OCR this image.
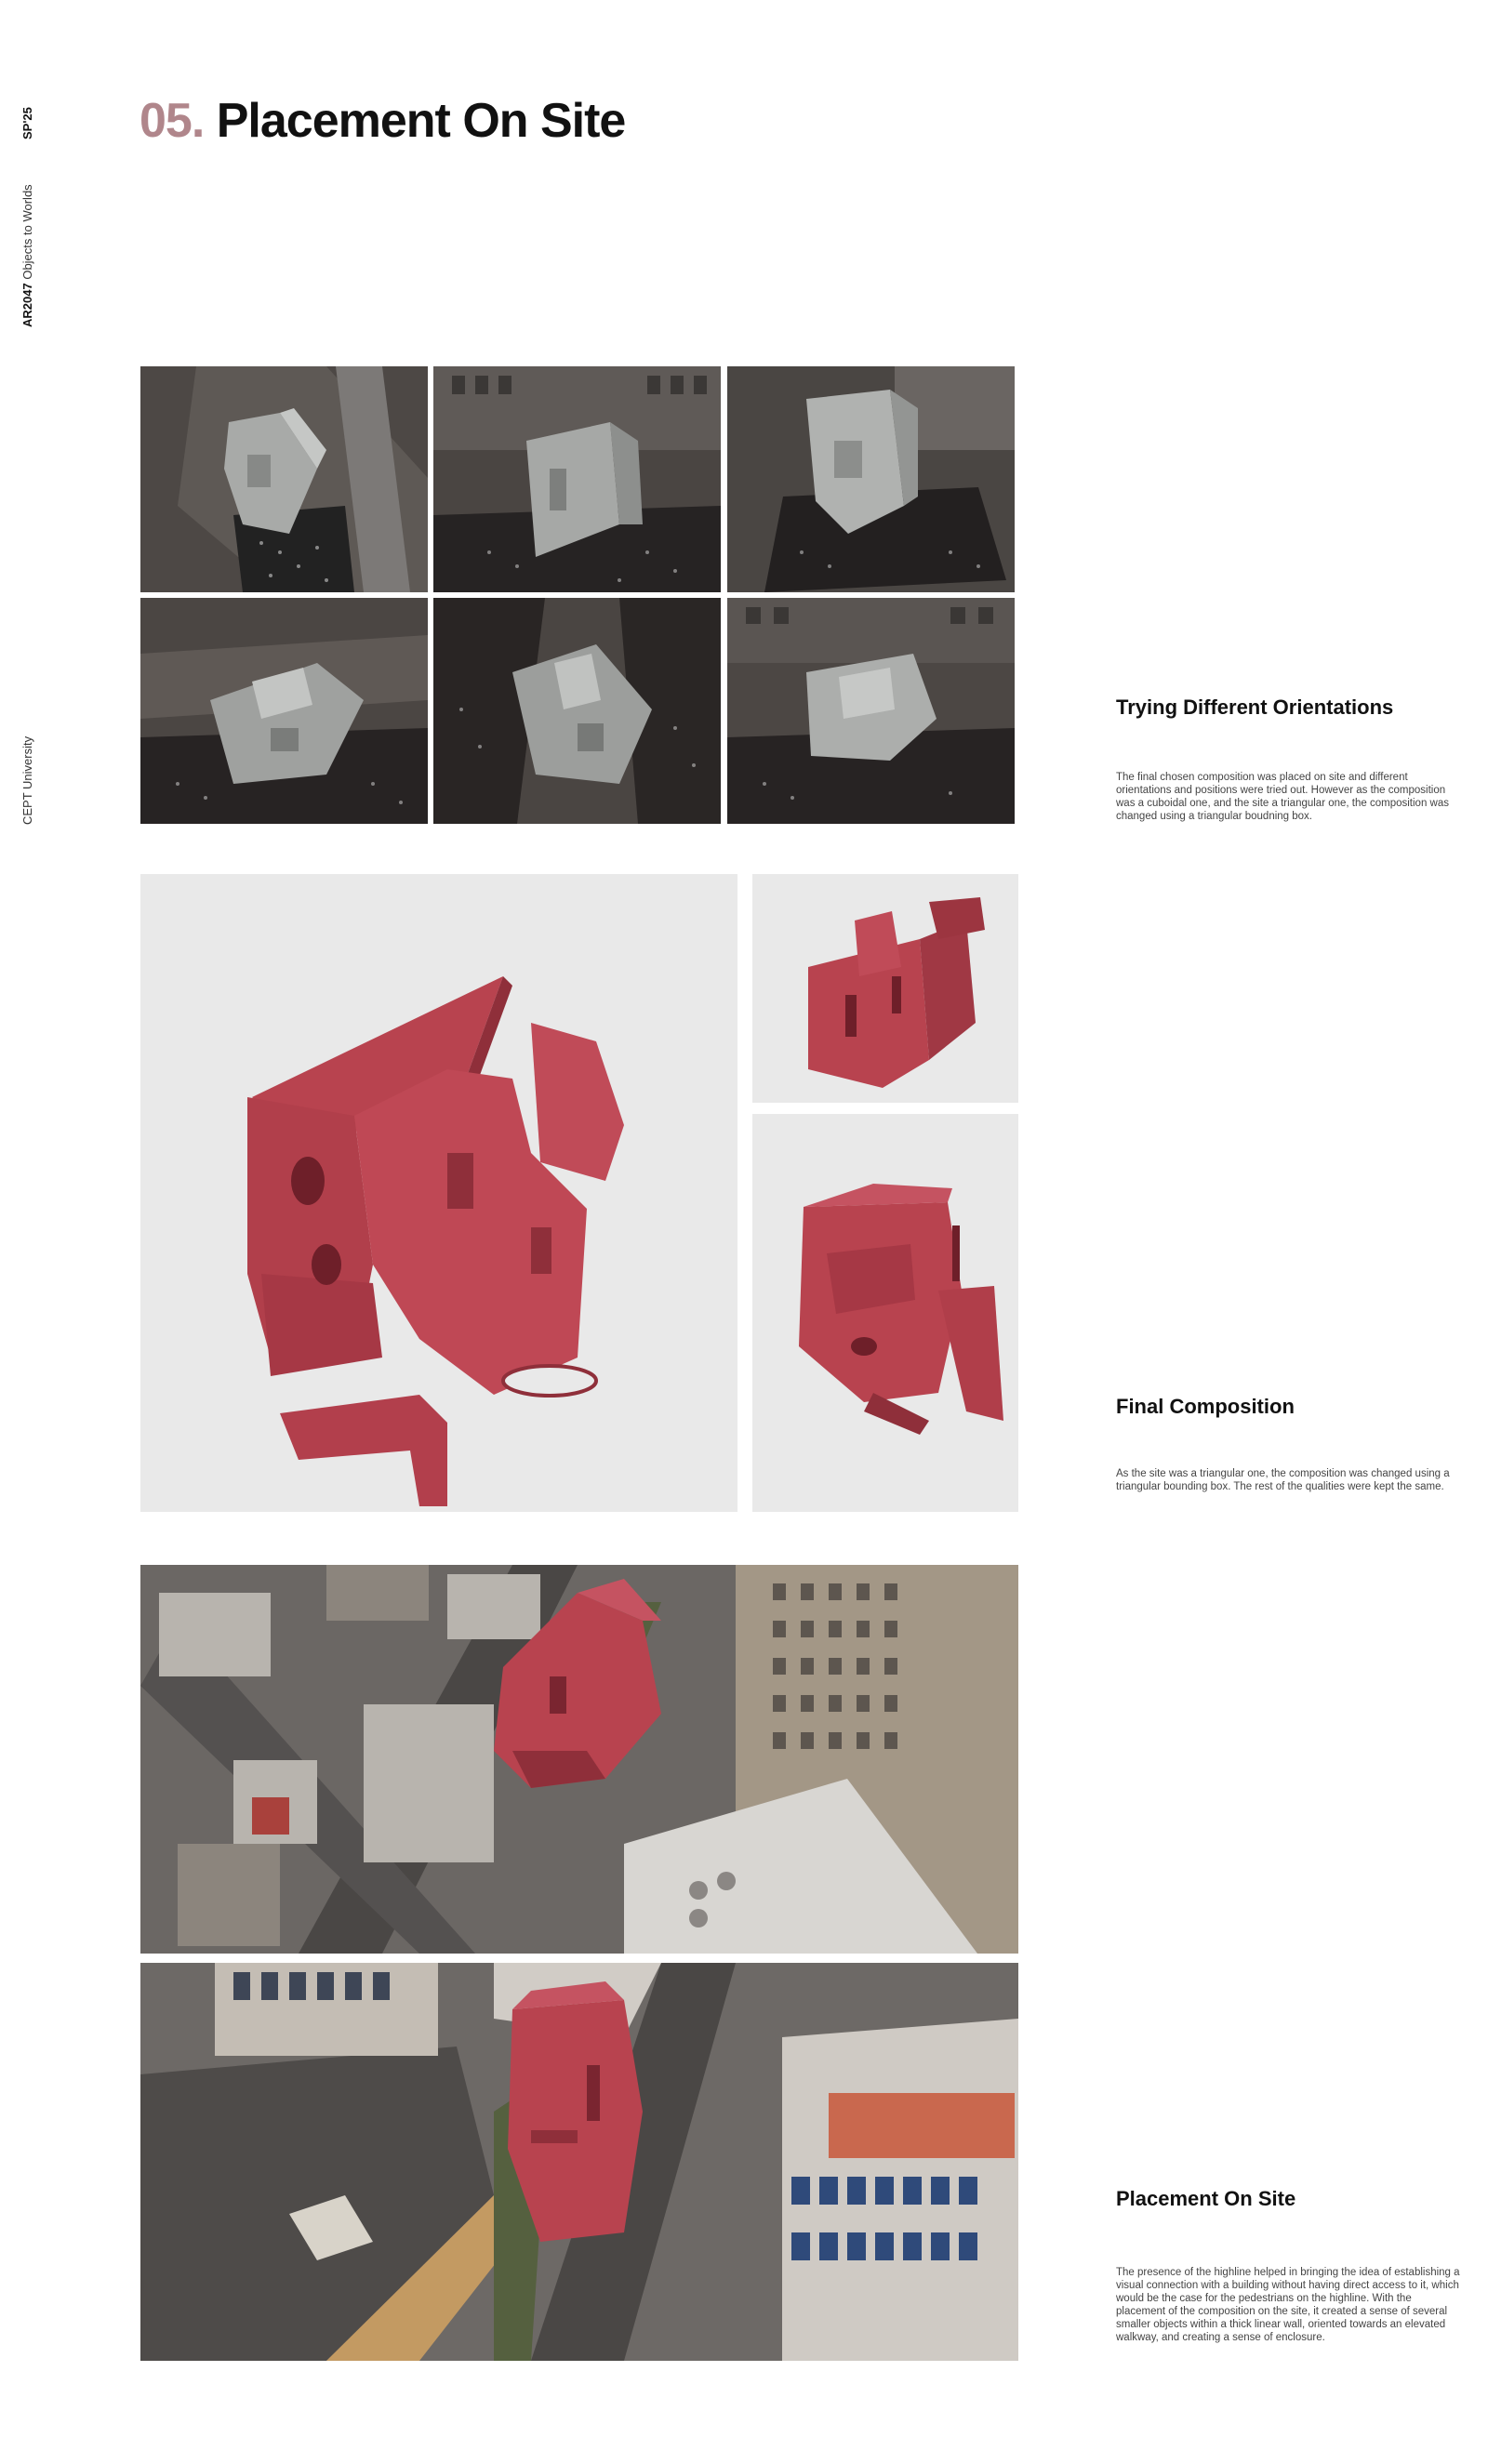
SP'25
AR2047 Objects to Worlds
CEPT University
05. Placement On Site
Trying Different Orientations
The final chosen composition was placed on site and different orientations and positions were tried out. However as the composition was a cuboidal one, and the site a triangular one, the composition was changed using a triangular boudning box.
Final Composition
As the site was a triangular one, the composition was changed using a triangular bounding box. The rest of the qualities were kept the same.
Placement On Site
The presence of the highline helped in bringing the idea of establishing a visual connection with a building without having direct access to it, which would be the case for the pedestrians on the highline. With the placement of the composition on the site, it created a sense of several smaller objects within a thick linear wall, oriented towards an elevated walkway, and creating a sense of enclosure.
